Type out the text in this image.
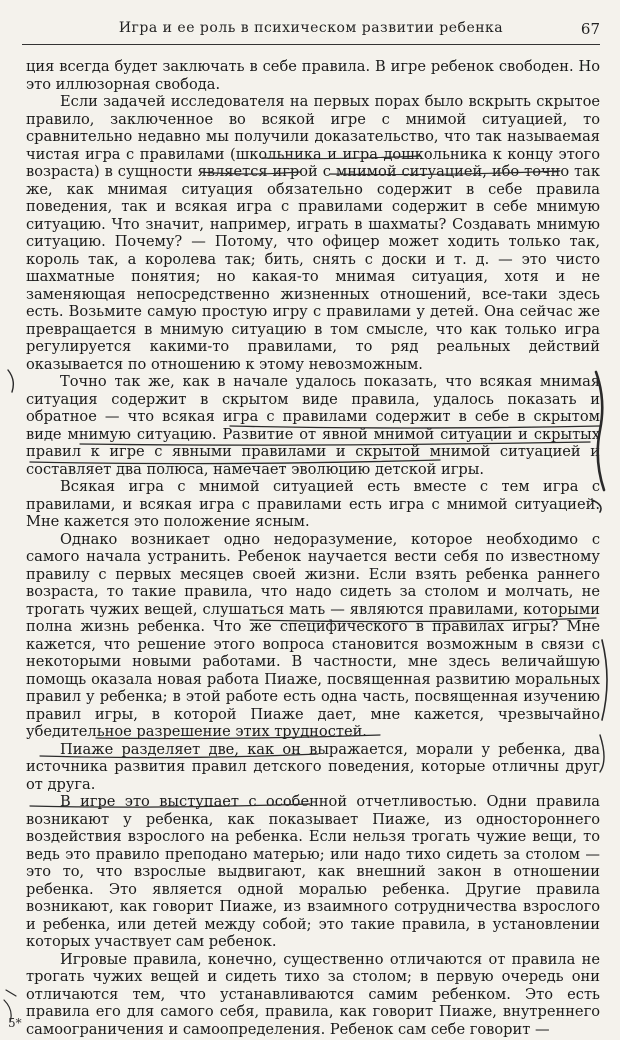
Игра и ее роль в психическом развитии ребенка	67

ция всегда будет заключать в себе правила. В игре ребенок свободен. Но это иллюзорная свобода.

Если задачей исследователя на первых порах было вскрыть скрытое правило, заключенное во всякой игре с мнимой ситуацией, то сравнительно недавно мы получили доказательство, что так называемая чистая игра с правилами (школьника и игра дошкольника к концу этого возраста) в сущности является игрой с мнимой ситуацией, ибо точно так же, как мнимая ситуация обязательно содержит в себе правила поведения, так и всякая игра с правилами содержит в себе мнимую ситуацию. Что значит, например, играть в шахматы? Создавать мнимую ситуацию. Почему? — Потому, что офицер может ходить только так, король так, а королева так; бить, снять с доски и т. д. — это чисто шахматные понятия; но какая-то мнимая ситуация, хотя и не заменяющая непосредственно жизненных отношений, все-таки здесь есть. Возьмите самую простую игру с правилами у детей. Она сейчас же превращается в мнимую ситуацию в том смысле, что как только игра регулируется какими-то правилами, то ряд реальных действий оказывается по отношению к этому невозможным.

Точно так же, как в начале удалось показать, что всякая мнимая ситуация содержит в скрытом виде правила, удалось показать и обратное — что всякая игра с правилами содержит в себе в скрытом виде мнимую ситуацию. Развитие от явной мнимой ситуации и скрытых правил к игре с явными правилами и скрытой мнимой ситуацией и составляет два полюса, намечает эволюцию детской игры.

Всякая игра с мнимой ситуацией есть вместе с тем игра с правилами, и всякая игра с правилами есть игра с мнимой ситуацией. Мне кажется это положение ясным.

Однако возникает одно недоразумение, которое необходимо с самого начала устранить. Ребенок научается вести себя по известному правилу с первых месяцев своей жизни. Если взять ребенка раннего возраста, то такие правила, что надо сидеть за столом и молчать, не трогать чужих вещей, слушаться мать — являются правилами, которыми полна жизнь ребенка. Что же специфического в правилах игры? Мне кажется, что решение этого вопроса становится возможным в связи с некоторыми новыми работами. В частности, мне здесь величайшую помощь оказала новая работа Пиаже, посвященная развитию моральных правил у ребенка; в этой работе есть одна часть, посвященная изучению правил игры, в которой Пиаже дает, мне кажется, чрезвычайно убедительное разрешение этих трудностей.

Пиаже разделяет две, как он выражается, морали у ребенка, два источника развития правил детского поведения, которые отличны друг от друга.

В игре это выступает с особенной отчетливостью. Одни правила возникают у ребенка, как показывает Пиаже, из одностороннего воздействия взрослого на ребенка. Если нельзя трогать чужие вещи, то ведь это правило преподано матерью; или надо тихо сидеть за столом — это то, что взрослые выдвигают, как внешний закон в отношении ребенка. Это является одной моралью ребенка. Другие правила возникают, как говорит Пиаже, из взаимного сотрудничества взрослого и ребенка, или детей между собой; это такие правила, в установлении которых участвует сам ребенок.

Игровые правила, конечно, существенно отличаются от правила не трогать чужих вещей и сидеть тихо за столом; в первую очередь они отличаются тем, что устанавливаются самим ребенком. Это есть правила его для самого себя, правила, как говорит Пиаже, внутреннего самоограничения и самоопределения. Ребенок сам себе говорит —

5*
